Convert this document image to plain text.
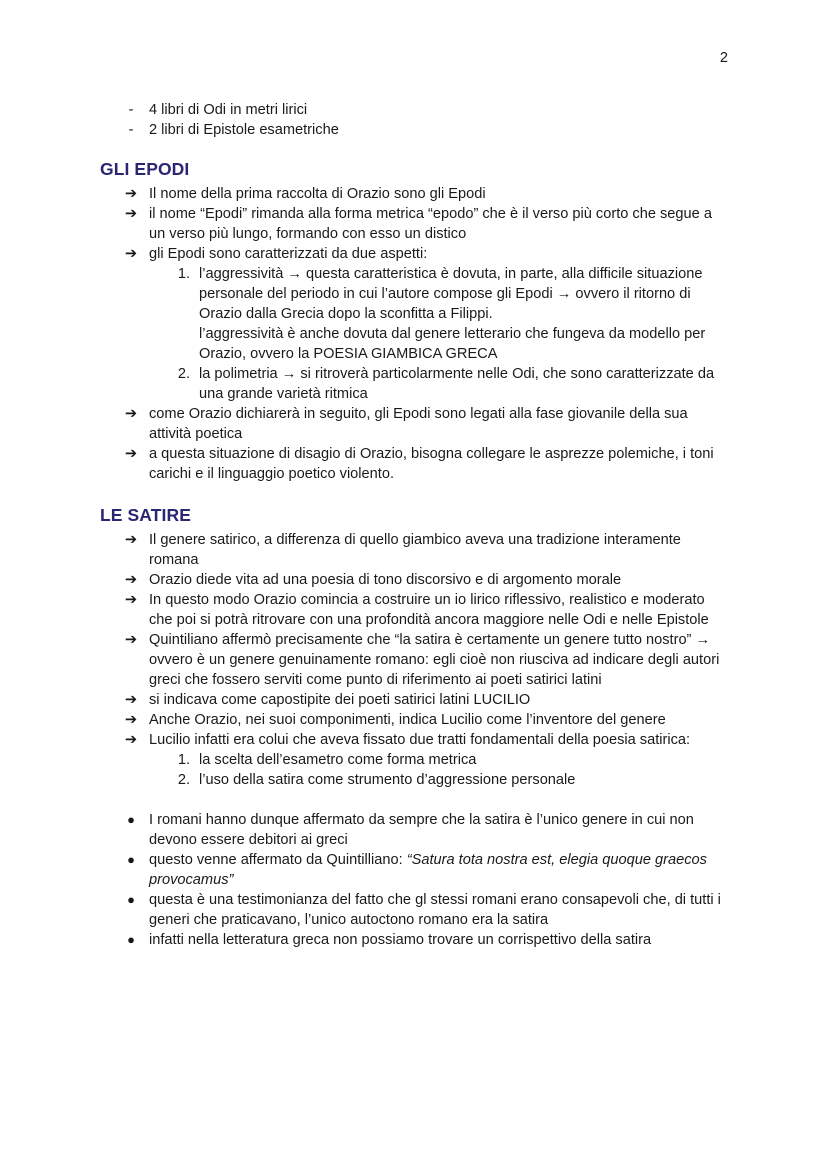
2
-	4 libri di Odi in metri lirici
-	2 libri di Epistole esametriche
GLI EPODI
➔ Il nome della prima raccolta di Orazio sono gli Epodi
➔ il nome “Epodi” rimanda alla forma metrica “epodo” che è il verso più corto che segue a un verso più lungo, formando con esso un distico
➔ gli Epodi sono caratterizzati da due aspetti:
1. l’aggressività → questa caratteristica è dovuta, in parte, alla difficile situazione personale del periodo in cui l’autore compose gli Epodi → ovvero il ritorno di Orazio dalla Grecia dopo la sconfitta a Filippi.
l’aggressività è anche dovuta dal genere letterario che fungeva da modello per Orazio, ovvero la POESIA GIAMBICA GRECA
2. la polimetria → si ritroverà particolarmente nelle Odi, che sono caratterizzate da una grande varietà ritmica
➔ come Orazio dichiarerà in seguito, gli Epodi sono legati alla fase giovanile della sua attività poetica
➔ a questa situazione di disagio di Orazio, bisogna collegare le asprezze polemiche, i toni carichi e il linguaggio poetico violento.
LE SATIRE
➔ Il genere satirico, a differenza di quello giambico aveva una tradizione interamente romana
➔ Orazio diede vita ad una poesia di tono discorsivo e di argomento morale
➔ In questo modo Orazio comincia a costruire un io lirico riflessivo, realistico e moderato che poi si potrà ritrovare con una profondità ancora maggiore nelle Odi e nelle Epistole
➔ Quintiliano affermò precisamente che “la satira è certamente un genere tutto nostro” → ovvero è un genere genuinamente romano: egli cioè non riusciva ad indicare degli autori greci che fossero serviti come punto di riferimento ai poeti satirici latini
➔ si indicava come capostipite dei poeti satirici latini LUCILIO
➔ Anche Orazio, nei suoi componimenti, indica Lucilio come l’inventore del genere
➔ Lucilio infatti era colui che aveva fissato due tratti fondamentali della poesia satirica:
1. la scelta dell’esametro come forma metrica
2. l’uso della satira come strumento d’aggressione personale
● I romani hanno dunque affermato da sempre che la satira è l’unico genere in cui non devono essere debitori ai greci
● questo venne affermato da Quintilliano: “Satura tota nostra est, elegia quoque graecos provocamus”
● questa è una testimonianza del fatto che gl stessi romani erano consapevoli che, di tutti i generi che praticavano, l’unico autoctono romano era la satira
● infatti nella letteratura greca non possiamo trovare un corrispettivo della satira
